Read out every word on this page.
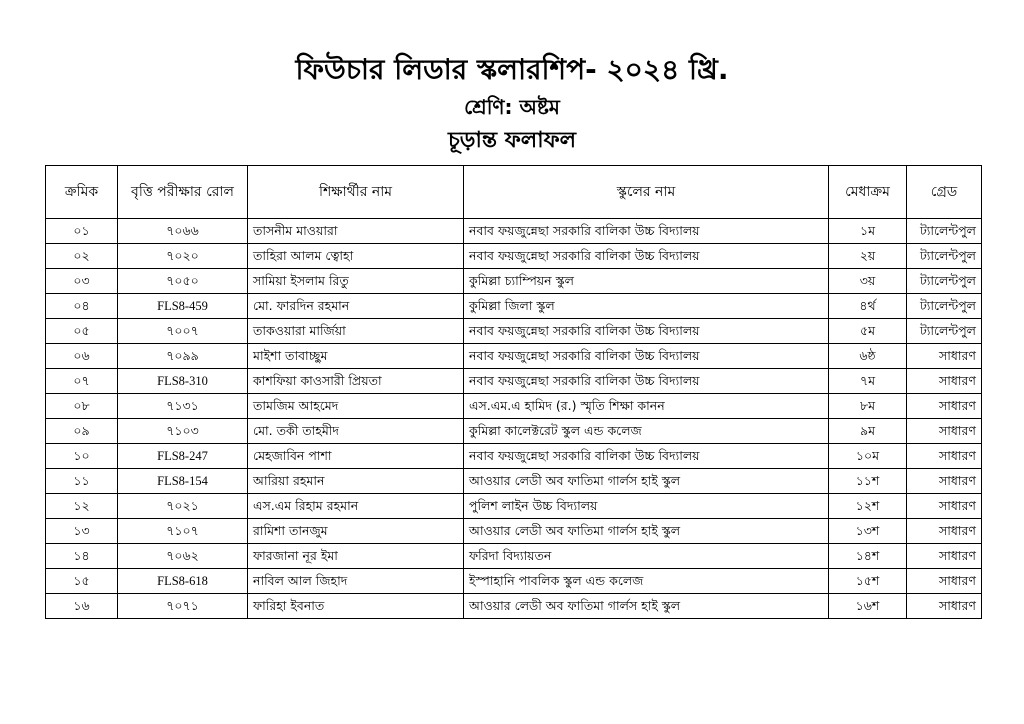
ফিউচার লিডার স্কলারশিপ- ২০২৪ খ্রি.
শ্রেণি: অষ্টম
চূড়ান্ত ফলাফল
ক্রমিক	বৃত্তি পরীক্ষার রোল	শিক্ষার্থীর নাম	স্কুলের নাম	মেধাক্রম	গ্রেড
০১	৭০৬৬	তাসনীম মাওয়ারা	নবাব ফয়জুন্নেছা সরকারি বালিকা উচ্চ বিদ্যালয়	১ম	ট্যালেন্টপুল
০২	৭০২০	তাহিরা আলম ত্বোহা	নবাব ফয়জুন্নেছা সরকারি বালিকা উচ্চ বিদ্যালয়	২য়	ট্যালেন্টপুল
০৩	৭০৫০	সামিয়া ইসলাম রিতু	কুমিল্লা চ্যাম্পিয়ন স্কুল	৩য়	ট্যালেন্টপুল
০৪	FLS8-459	মো. ফারদিন রহমান	কুমিল্লা জিলা স্কুল	৪র্থ	ট্যালেন্টপুল
০৫	৭০০৭	তাকওয়ারা মার্জিয়া	নবাব ফয়জুন্নেছা সরকারি বালিকা উচ্চ বিদ্যালয়	৫ম	ট্যালেন্টপুল
০৬	৭০৯৯	মাইশা তাবাচ্ছুম	নবাব ফয়জুন্নেছা সরকারি বালিকা উচ্চ বিদ্যালয়	৬ষ্ঠ	সাধারণ
০৭	FLS8-310	কাশফিয়া কাওসারী প্রিয়তা	নবাব ফয়জুন্নেছা সরকারি বালিকা উচ্চ বিদ্যালয়	৭ম	সাধারণ
০৮	৭১৩১	তামজিম আহমেদ	এস.এম.এ হামিদ (র.) স্মৃতি শিক্ষা কানন	৮ম	সাধারণ
০৯	৭১০৩	মো. তকী তাহমীদ	কুমিল্লা কালেক্টরেট স্কুল এন্ড কলেজ	৯ম	সাধারণ
১০	FLS8-247	মেহজাবিন পাশা	নবাব ফয়জুন্নেছা সরকারি বালিকা উচ্চ বিদ্যালয়	১০ম	সাধারণ
১১	FLS8-154	আরিয়া রহমান	আওয়ার লেডী অব ফাতিমা গার্লস হাই স্কুল	১১শ	সাধারণ
১২	৭০২১	এস.এম রিহাম রহমান	পুলিশ লাইন উচ্চ বিদ্যালয়	১২শ	সাধারণ
১৩	৭১০৭	রামিশা তানজুম	আওয়ার লেডী অব ফাতিমা গার্লস হাই স্কুল	১৩শ	সাধারণ
১৪	৭০৬২	ফারজানা নূর ইমা	ফরিদা বিদ্যায়তন	১৪শ	সাধারণ
১৫	FLS8-618	নাবিল আল জিহাদ	ইস্পাহানি পাবলিক স্কুল এন্ড কলেজ	১৫শ	সাধারণ
১৬	৭০৭১	ফারিহা ইবনাত	আওয়ার লেডী অব ফাতিমা গার্লস হাই স্কুল	১৬শ	সাধারণ
